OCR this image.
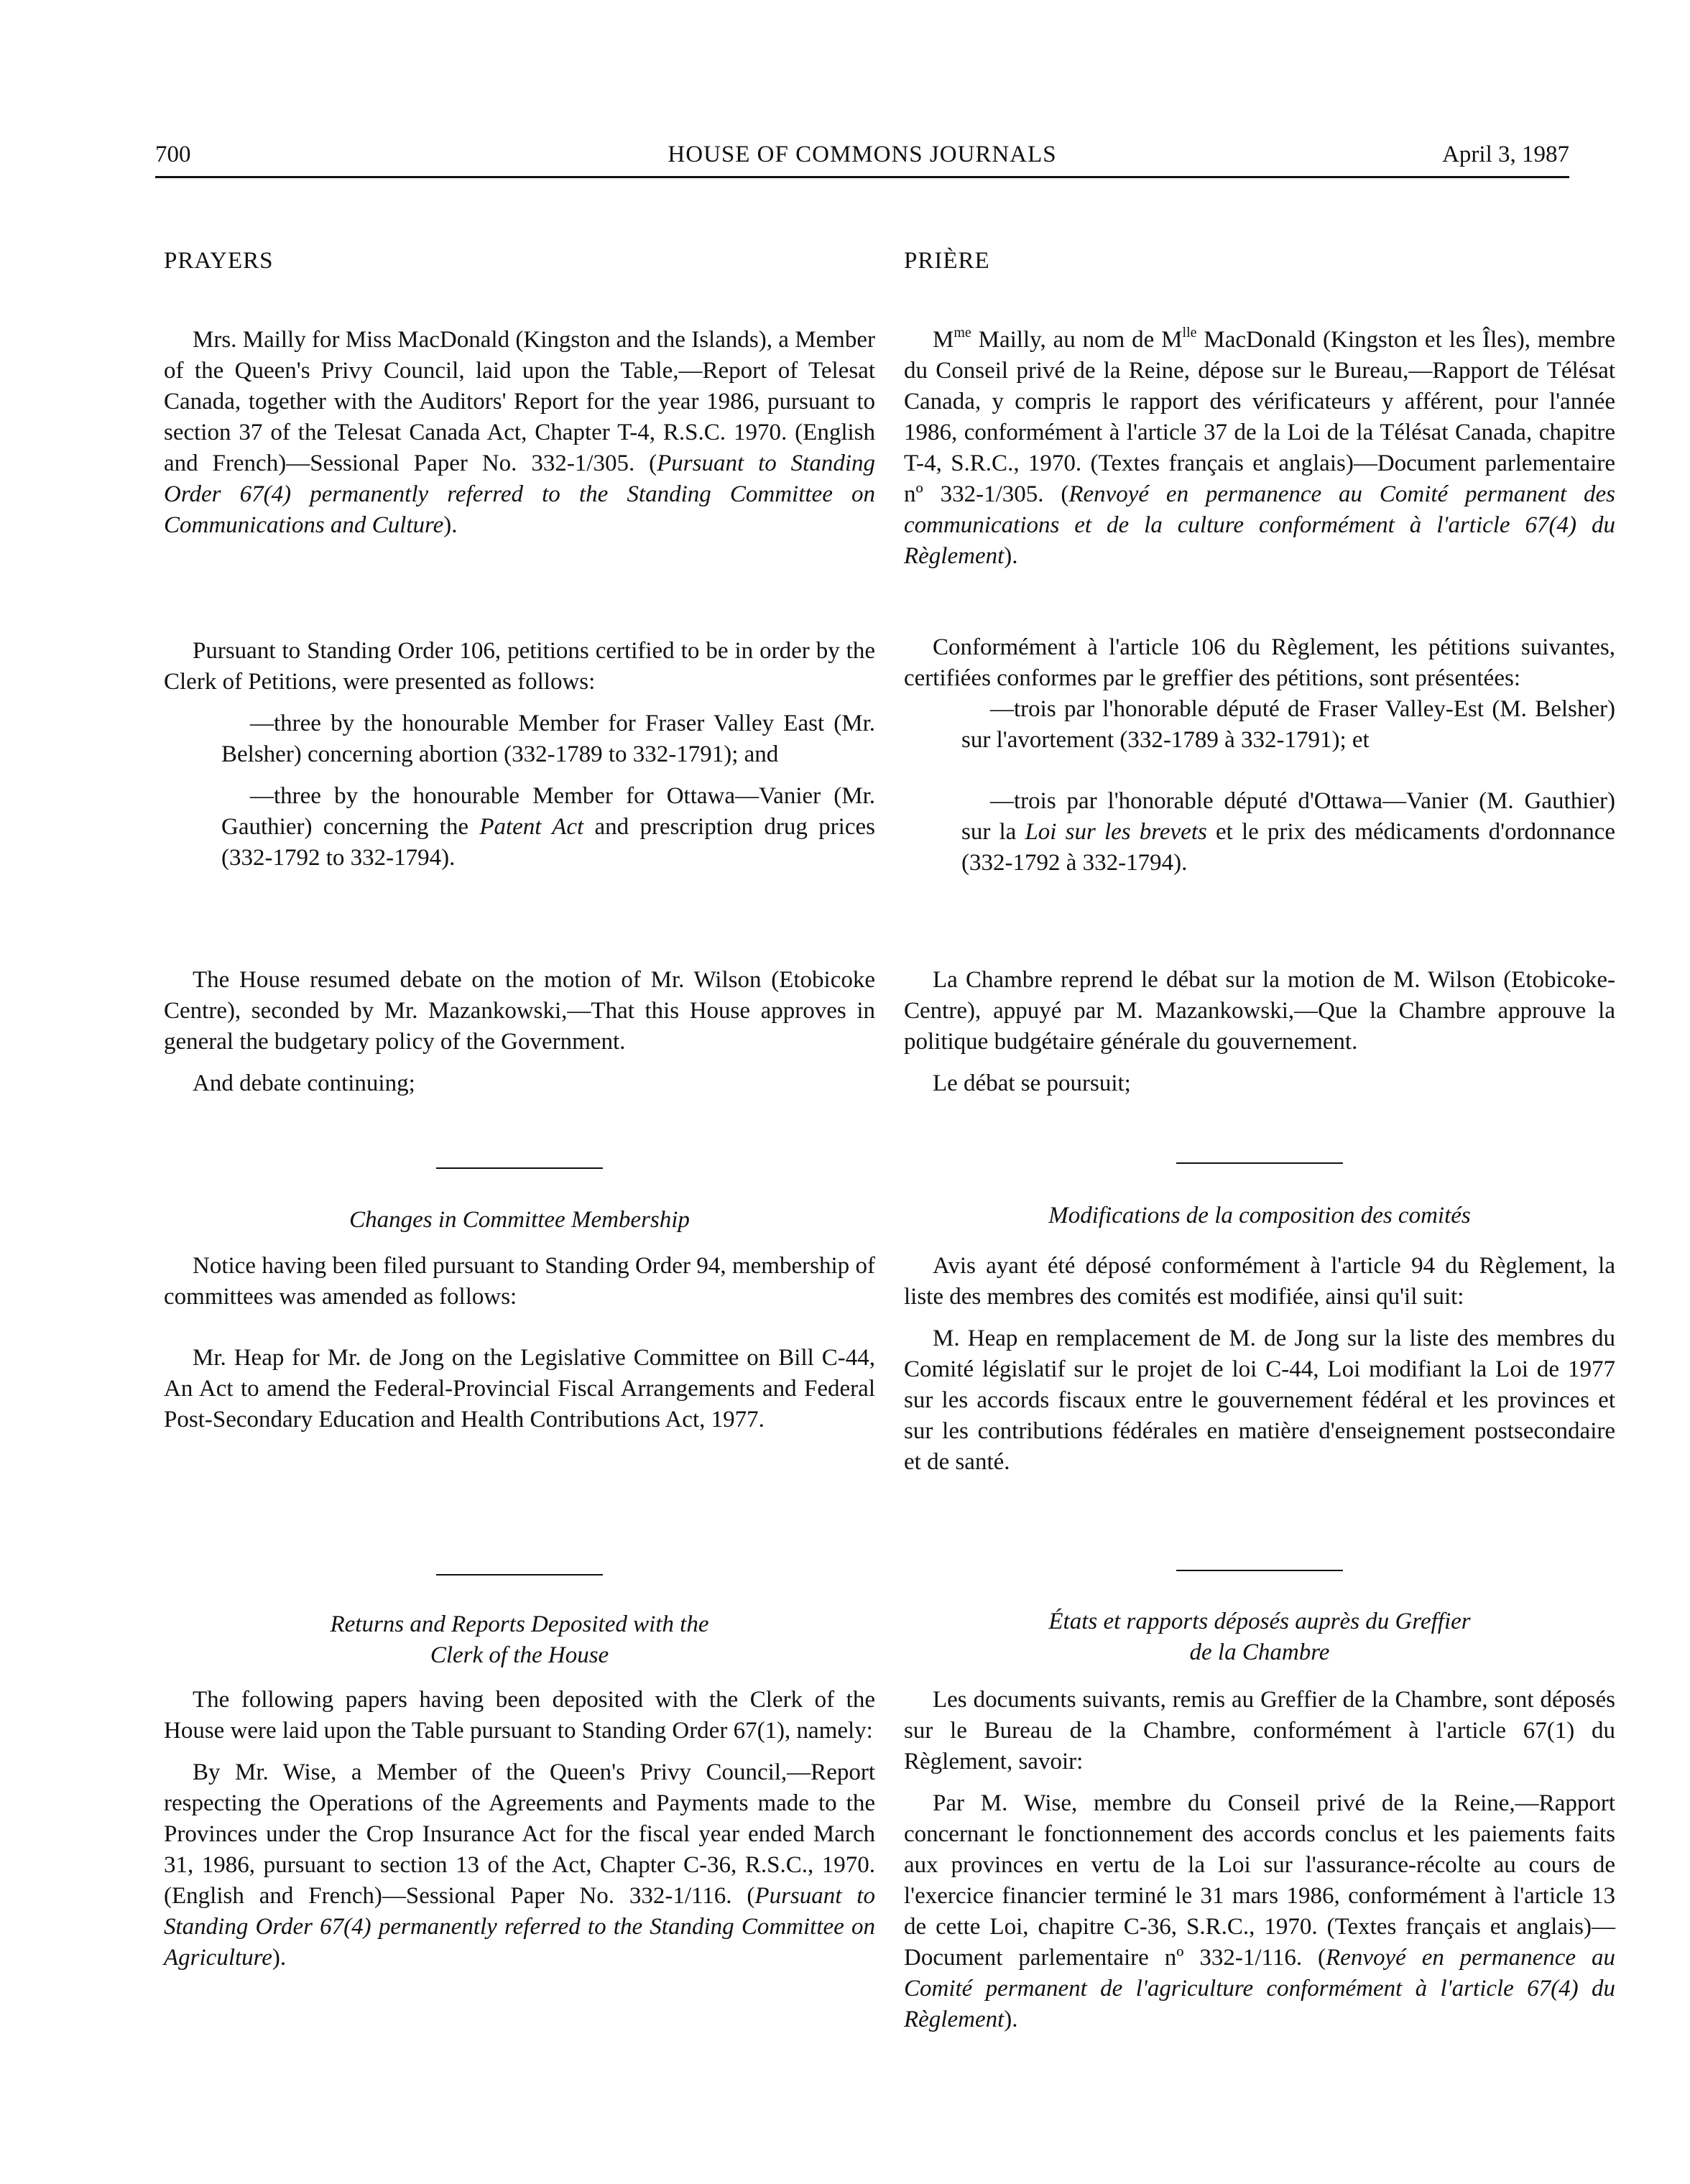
700	HOUSE OF COMMONS JOURNALS	April 3, 1987
PRAYERS

Mrs. Mailly for Miss MacDonald (Kingston and the Islands), a Member of the Queen's Privy Council, laid upon the Table,—Report of Telesat Canada, together with the Auditors' Report for the year 1986, pursuant to section 37 of the Telesat Canada Act, Chapter T-4, R.S.C. 1970. (English and French)—Sessional Paper No. 332-1/305. (Pursuant to Standing Order 67(4) permanently referred to the Standing Committee on Communications and Culture).

Pursuant to Standing Order 106, petitions certified to be in order by the Clerk of Petitions, were presented as follows:

—three by the honourable Member for Fraser Valley East (Mr. Belsher) concerning abortion (332-1789 to 332-1791); and

—three by the honourable Member for Ottawa—Vanier (Mr. Gauthier) concerning the Patent Act and prescription drug prices (332-1792 to 332-1794).

The House resumed debate on the motion of Mr. Wilson (Etobicoke Centre), seconded by Mr. Mazankowski,—That this House approves in general the budgetary policy of the Government.

And debate continuing;

Changes in Committee Membership

Notice having been filed pursuant to Standing Order 94, membership of committees was amended as follows:

Mr. Heap for Mr. de Jong on the Legislative Committee on Bill C-44, An Act to amend the Federal-Provincial Fiscal Arrangements and Federal Post-Secondary Education and Health Contributions Act, 1977.

Returns and Reports Deposited with the
Clerk of the House

The following papers having been deposited with the Clerk of the House were laid upon the Table pursuant to Standing Order 67(1), namely:

By Mr. Wise, a Member of the Queen's Privy Council,—Report respecting the Operations of the Agreements and Payments made to the Provinces under the Crop Insurance Act for the fiscal year ended March 31, 1986, pursuant to section 13 of the Act, Chapter C-36, R.S.C., 1970. (English and French)—Sessional Paper No. 332-1/116. (Pursuant to Standing Order 67(4) permanently referred to the Standing Committee on Agriculture).

PRIÈRE

$M^{me}$ Mailly, au nom de $M^{lle}$ MacDonald (Kingston et les Îles), membre du Conseil privé de la Reine, dépose sur le Bureau,—Rapport de Télésat Canada, y compris le rapport des vérificateurs y afférent, pour l'année 1986, conformément à l'article 37 de la Loi de la Télésat Canada, chapitre T-4, S.R.C., 1970. (Textes français et anglais)—Document parlementaire nº 332-1/305. (Renvoyé en permanence au Comité permanent des communications et de la culture conformément à l'article 67(4) du Règlement).

Conformément à l'article 106 du Règlement, les pétitions suivantes, certifiées conformes par le greffier des pétitions, sont présentées:

—trois par l'honorable député de Fraser Valley-Est (M. Belsher) sur l'avortement (332-1789 à 332-1791); et

—trois par l'honorable député d'Ottawa—Vanier (M. Gauthier) sur la Loi sur les brevets et le prix des médicaments d'ordonnance (332-1792 à 332-1794).

La Chambre reprend le débat sur la motion de M. Wilson (Etobicoke-Centre), appuyé par M. Mazankowski,—Que la Chambre approuve la politique budgétaire générale du gouvernement.

Le débat se poursuit;

Modifications de la composition des comités

Avis ayant été déposé conformément à l'article 94 du Règlement, la liste des membres des comités est modifiée, ainsi qu'il suit:

M. Heap en remplacement de M. de Jong sur la liste des membres du Comité législatif sur le projet de loi C-44, Loi modifiant la Loi de 1977 sur les accords fiscaux entre le gouvernement fédéral et les provinces et sur les contributions fédérales en matière d'enseignement postsecondaire et de santé.

États et rapports déposés auprès du Greffier
de la Chambre

Les documents suivants, remis au Greffier de la Chambre, sont déposés sur le Bureau de la Chambre, conformément à l'article 67(1) du Règlement, savoir:

Par M. Wise, membre du Conseil privé de la Reine,—Rapport concernant le fonctionnement des accords conclus et les paiements faits aux provinces en vertu de la Loi sur l'assurance-récolte au cours de l'exercice financier terminé le 31 mars 1986, conformément à l'article 13 de cette Loi, chapitre C-36, S.R.C., 1970. (Textes français et anglais)—Document parlementaire nº 332-1/116. (Renvoyé en permanence au Comité permanent de l'agriculture conformément à l'article 67(4) du Règlement).
